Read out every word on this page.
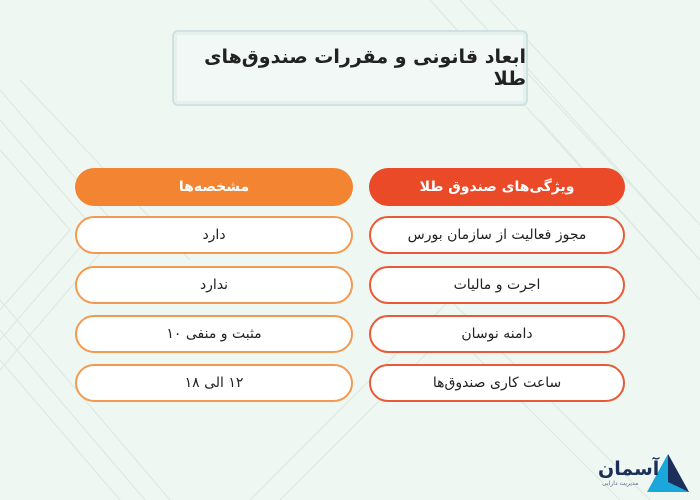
ابعاد قانونی و مقررات صندوق‌های طلا
ویژگی‌های صندوق طلا
مشخصه‌ها
مجوز فعالیت از سازمان بورس
دارد
اجرت و مالیات
ندارد
دامنه نوسان
مثبت و منفی ۱۰
ساعت کاری صندوق‌ها
۱۲ الی ۱۸
آسمان
مدیریت دارایی
